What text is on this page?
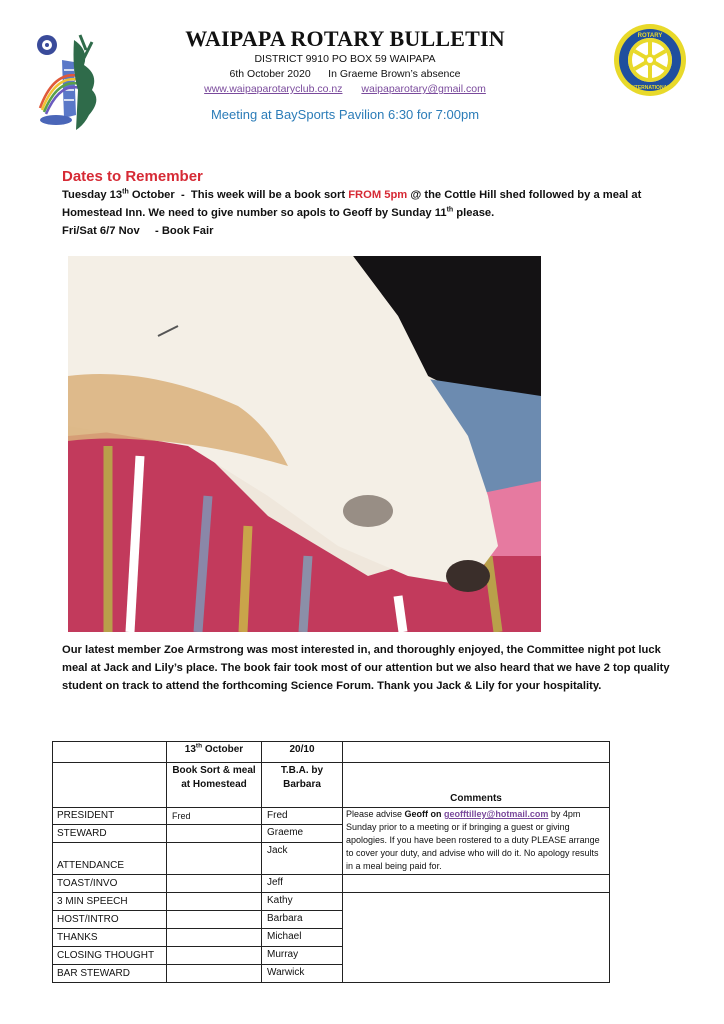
ROTARY
INTERNATIONAL
WAIPAPA ROTARY BULLETIN
DISTRICT 9910 PO BOX 59 WAIPAPA
6th October 2020 In Graeme Brown’s absence
www.waipaparotaryclub.co.nz waipaparotary@gmail.com
Meeting at BaySports Pavilion 6:30 for 7:00pm
Dates to Remember

Tuesday 13th October  -  This week will be a book sort FROM 5pm @ the Cottle Hill shed followed by a meal at Homestead Inn. We need to give number so apols to Geoff by Sunday 11th please.

Fri/Sat 6/7 Nov - Book Fair

Our latest member Zoe Armstrong was most interested in, and thoroughly enjoyed, the Committee night pot luck meal at Jack and Lily’s place. The book fair took most of our attention but we also heard that we have 2 top quality student on track to attend the forthcoming Science Forum. Thank you Jack & Lily for your hospitality.
	13th October	20/10	
	Book Sort & meal at Homestead	T.B.A. by Barbara	Comments
PRESIDENT	Fred	Fred	Please advise Geoff on geofftilley@hotmail.com by 4pm Sunday prior to a meeting or if bringing a guest or giving apologies. If you have been rostered to a duty PLEASE arrange to cover your duty, and advise who will do it. No apology results in a meal being paid for.
STEWARD		Graeme	
ATTENDANCE		Jack	
TOAST/INVO		Jeff	
3 MIN SPEECH		Kathy	
HOST/INTRO		Barbara	
THANKS		Michael	
CLOSING THOUGHT		Murray	
BAR STEWARD		Warwick	
